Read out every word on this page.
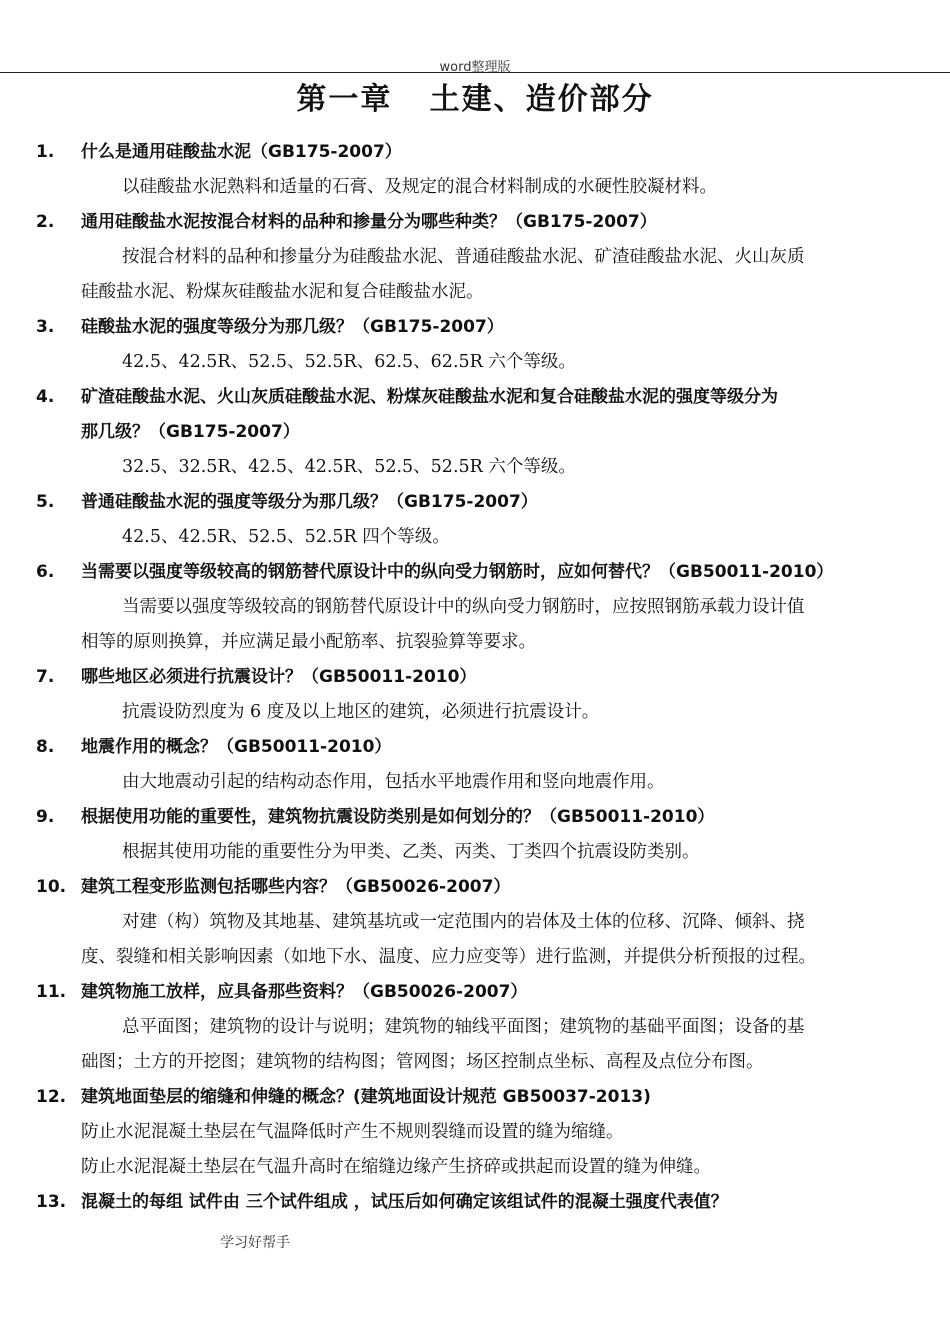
word整理版
第一章   土建、造价部分
1. 什么是通用硅酸盐水泥（GB175-2007）
以硅酸盐水泥熟料和适量的石膏、及规定的混合材料制成的水硬性胶凝材料。
2. 通用硅酸盐水泥按混合材料的品种和掺量分为哪些种类？（GB175-2007）
按混合材料的品种和掺量分为硅酸盐水泥、普通硅酸盐水泥、矿渣硅酸盐水泥、火山灰质
硅酸盐水泥、粉煤灰硅酸盐水泥和复合硅酸盐水泥。
3. 硅酸盐水泥的强度等级分为那几级？（GB175-2007）
42.5、42.5R、52.5、52.5R、62.5、62.5R 六个等级。
4. 矿渣硅酸盐水泥、火山灰质硅酸盐水泥、粉煤灰硅酸盐水泥和复合硅酸盐水泥的强度等级分为
那几级？（GB175-2007）
32.5、32.5R、42.5、42.5R、52.5、52.5R 六个等级。
5. 普通硅酸盐水泥的强度等级分为那几级？（GB175-2007）
42.5、42.5R、52.5、52.5R 四个等级。
6. 当需要以强度等级较高的钢筋替代原设计中的纵向受力钢筋时，应如何替代？（GB50011-2010）
当需要以强度等级较高的钢筋替代原设计中的纵向受力钢筋时，应按照钢筋承载力设计值
相等的原则换算，并应满足最小配筋率、抗裂验算等要求。
7. 哪些地区必须进行抗震设计？（GB50011-2010）
抗震设防烈度为 6 度及以上地区的建筑，必须进行抗震设计。
8. 地震作用的概念？（GB50011-2010）
由大地震动引起的结构动态作用，包括水平地震作用和竖向地震作用。
9. 根据使用功能的重要性，建筑物抗震设防类别是如何划分的？（GB50011-2010）
根据其使用功能的重要性分为甲类、乙类、丙类、丁类四个抗震设防类别。
10. 建筑工程变形监测包括哪些内容？（GB50026-2007）
对建（构）筑物及其地基、建筑基坑或一定范围内的岩体及土体的位移、沉降、倾斜、挠
度、裂缝和相关影响因素（如地下水、温度、应力应变等）进行监测，并提供分析预报的过程。
11. 建筑物施工放样，应具备那些资料？（GB50026-2007）
总平面图；建筑物的设计与说明；建筑物的轴线平面图；建筑物的基础平面图；设备的基
础图；土方的开挖图；建筑物的结构图；管网图；场区控制点坐标、高程及点位分布图。
12. 建筑地面垫层的缩缝和伸缝的概念？(建筑地面设计规范 GB50037-2013)
防止水泥混凝土垫层在气温降低时产生不规则裂缝而设置的缝为缩缝。
防止水泥混凝土垫层在气温升高时在缩缝边缘产生挤碎或拱起而设置的缝为伸缝。
13. 混凝土的每组 试件由 三个试件组成 ，试压后如何确定该组试件的混凝土强度代表值？
学习好帮手
